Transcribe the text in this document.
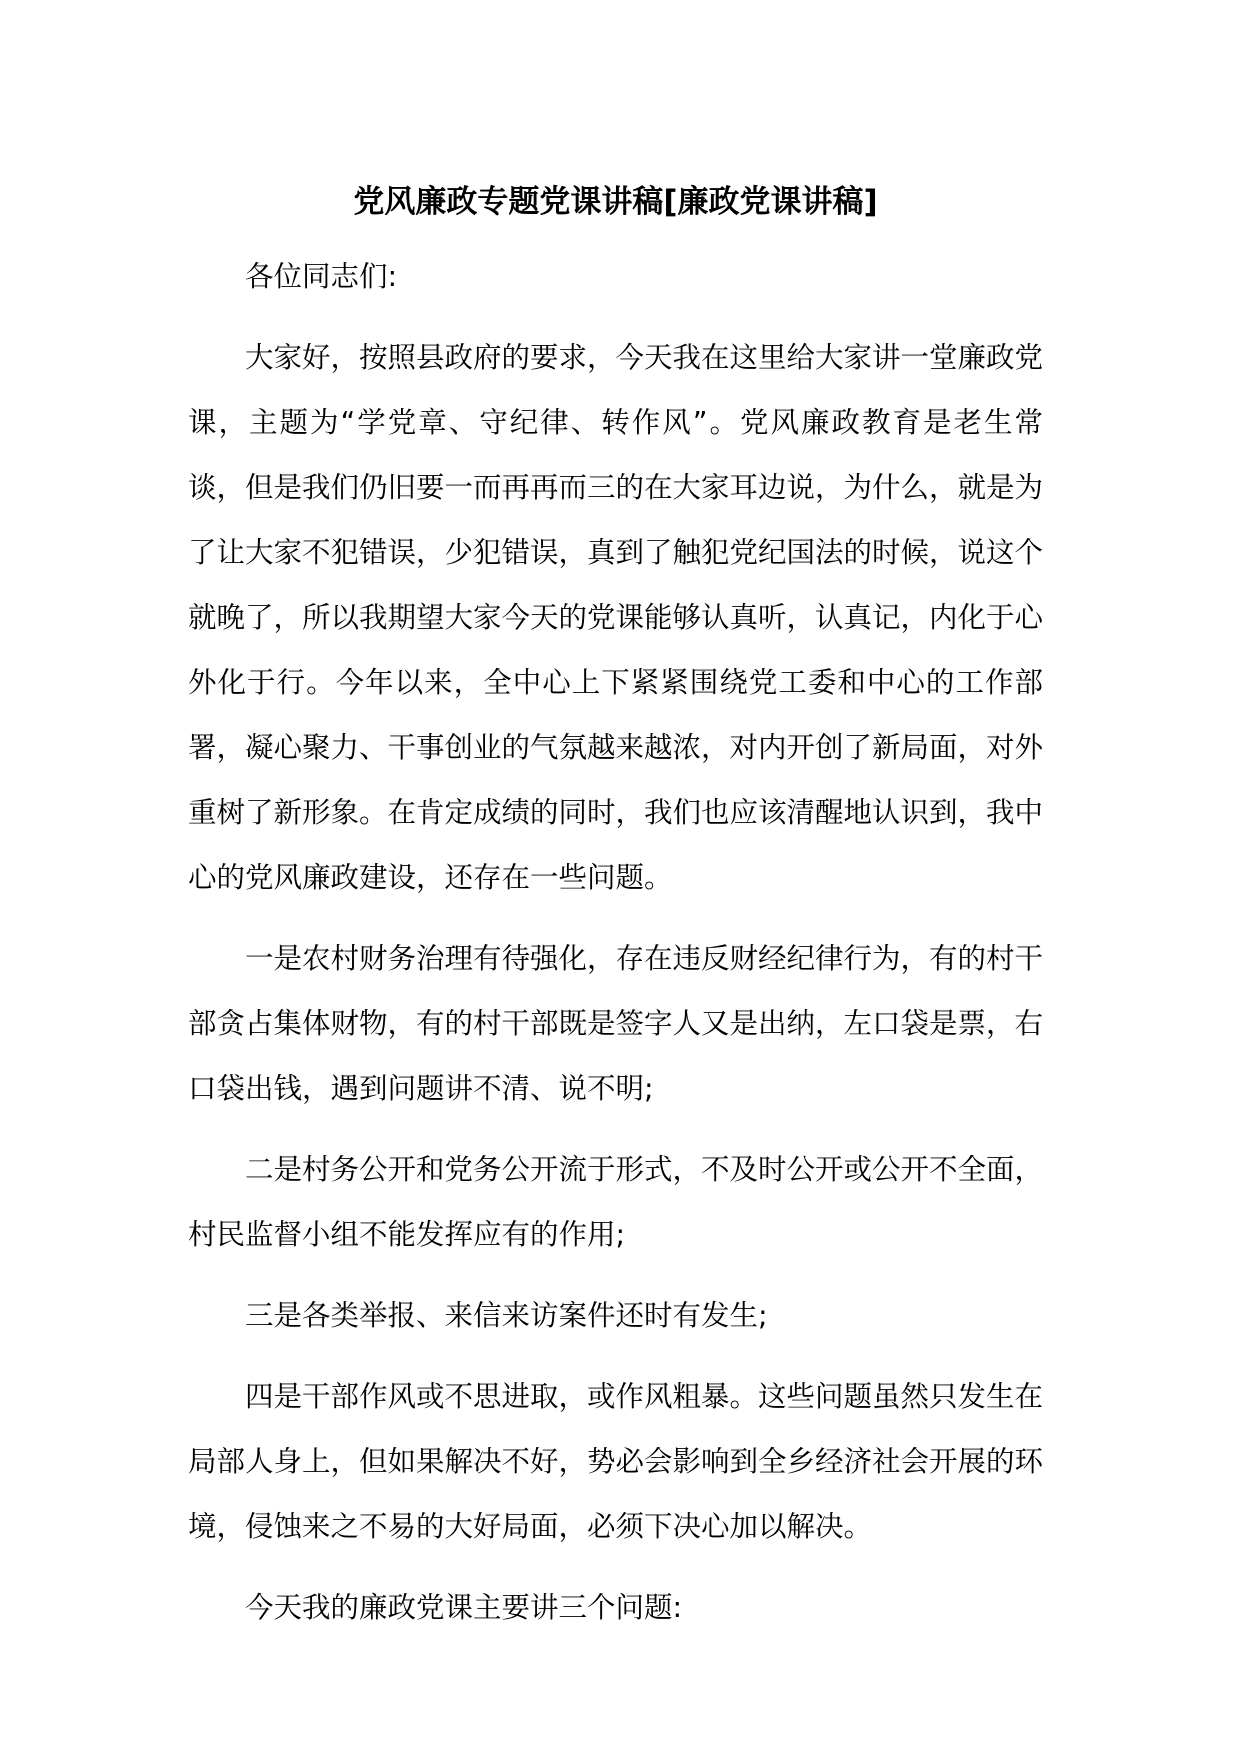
党风廉政专题党课讲稿[廉政党课讲稿]

各位同志们:

大家好，按照县政府的要求，今天我在这里给大家讲一堂廉政党课，主题为“学党章、守纪律、转作风”。党风廉政教育是老生常谈，但是我们仍旧要一而再再而三的在大家耳边说，为什么，就是为了让大家不犯错误，少犯错误，真到了触犯党纪国法的时候，说这个就晚了，所以我期望大家今天的党课能够认真听，认真记，内化于心外化于行。今年以来，全中心上下紧紧围绕党工委和中心的工作部署，凝心聚力、干事创业的气氛越来越浓，对内开创了新局面，对外重树了新形象。在肯定成绩的同时，我们也应该清醒地认识到，我中心的党风廉政建设，还存在一些问题。

一是农村财务治理有待强化，存在违反财经纪律行为，有的村干部贪占集体财物，有的村干部既是签字人又是出纳，左口袋是票，右口袋出钱，遇到问题讲不清、说不明;

二是村务公开和党务公开流于形式，不及时公开或公开不全面，村民监督小组不能发挥应有的作用;

三是各类举报、来信来访案件还时有发生;

四是干部作风或不思进取，或作风粗暴。这些问题虽然只发生在局部人身上，但如果解决不好，势必会影响到全乡经济社会开展的环境，侵蚀来之不易的大好局面，必须下决心加以解决。

今天我的廉政党课主要讲三个问题:
